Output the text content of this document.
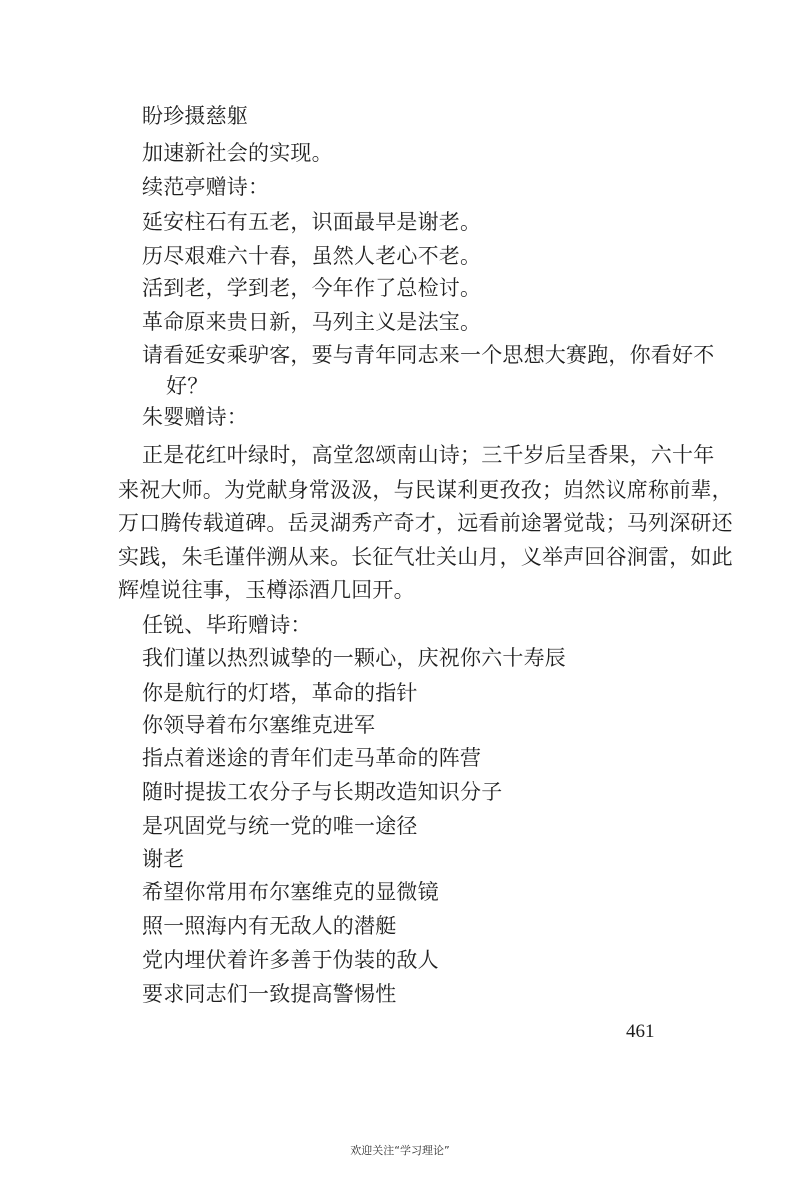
盼珍摄慈躯
加速新社会的实现。
续范亭赠诗：
延安柱石有五老，识面最早是谢老。
历尽艰难六十春，虽然人老心不老。
活到老，学到老，今年作了总检讨。
革命原来贵日新，马列主义是法宝。
请看延安乘驴客，要与青年同志来一个思想大赛跑，你看好不
好？
朱婴赠诗：
正是花红叶绿时，高堂忽颂南山诗；三千岁后呈香果，六十年
来祝大师。为党献身常汲汲，与民谋利更孜孜；岿然议席称前辈，
万口腾传载道碑。岳灵湖秀产奇才，远看前途署觉哉；马列深研还
实践，朱毛谨伴溯从来。长征气壮关山月，义举声回谷涧雷，如此
辉煌说往事，玉樽添酒几回开。
任锐、毕珩赠诗：
我们谨以热烈诚挚的一颗心，庆祝你六十寿辰
你是航行的灯塔，革命的指针
你领导着布尔塞维克进军
指点着迷途的青年们走马革命的阵营
随时提拔工农分子与长期改造知识分子
是巩固党与统一党的唯一途径
谢老
希望你常用布尔塞维克的显微镜
照一照海内有无敌人的潜艇
党内埋伏着许多善于伪装的敌人
要求同志们一致提高警惕性
461
欢迎关注“学习理论”
